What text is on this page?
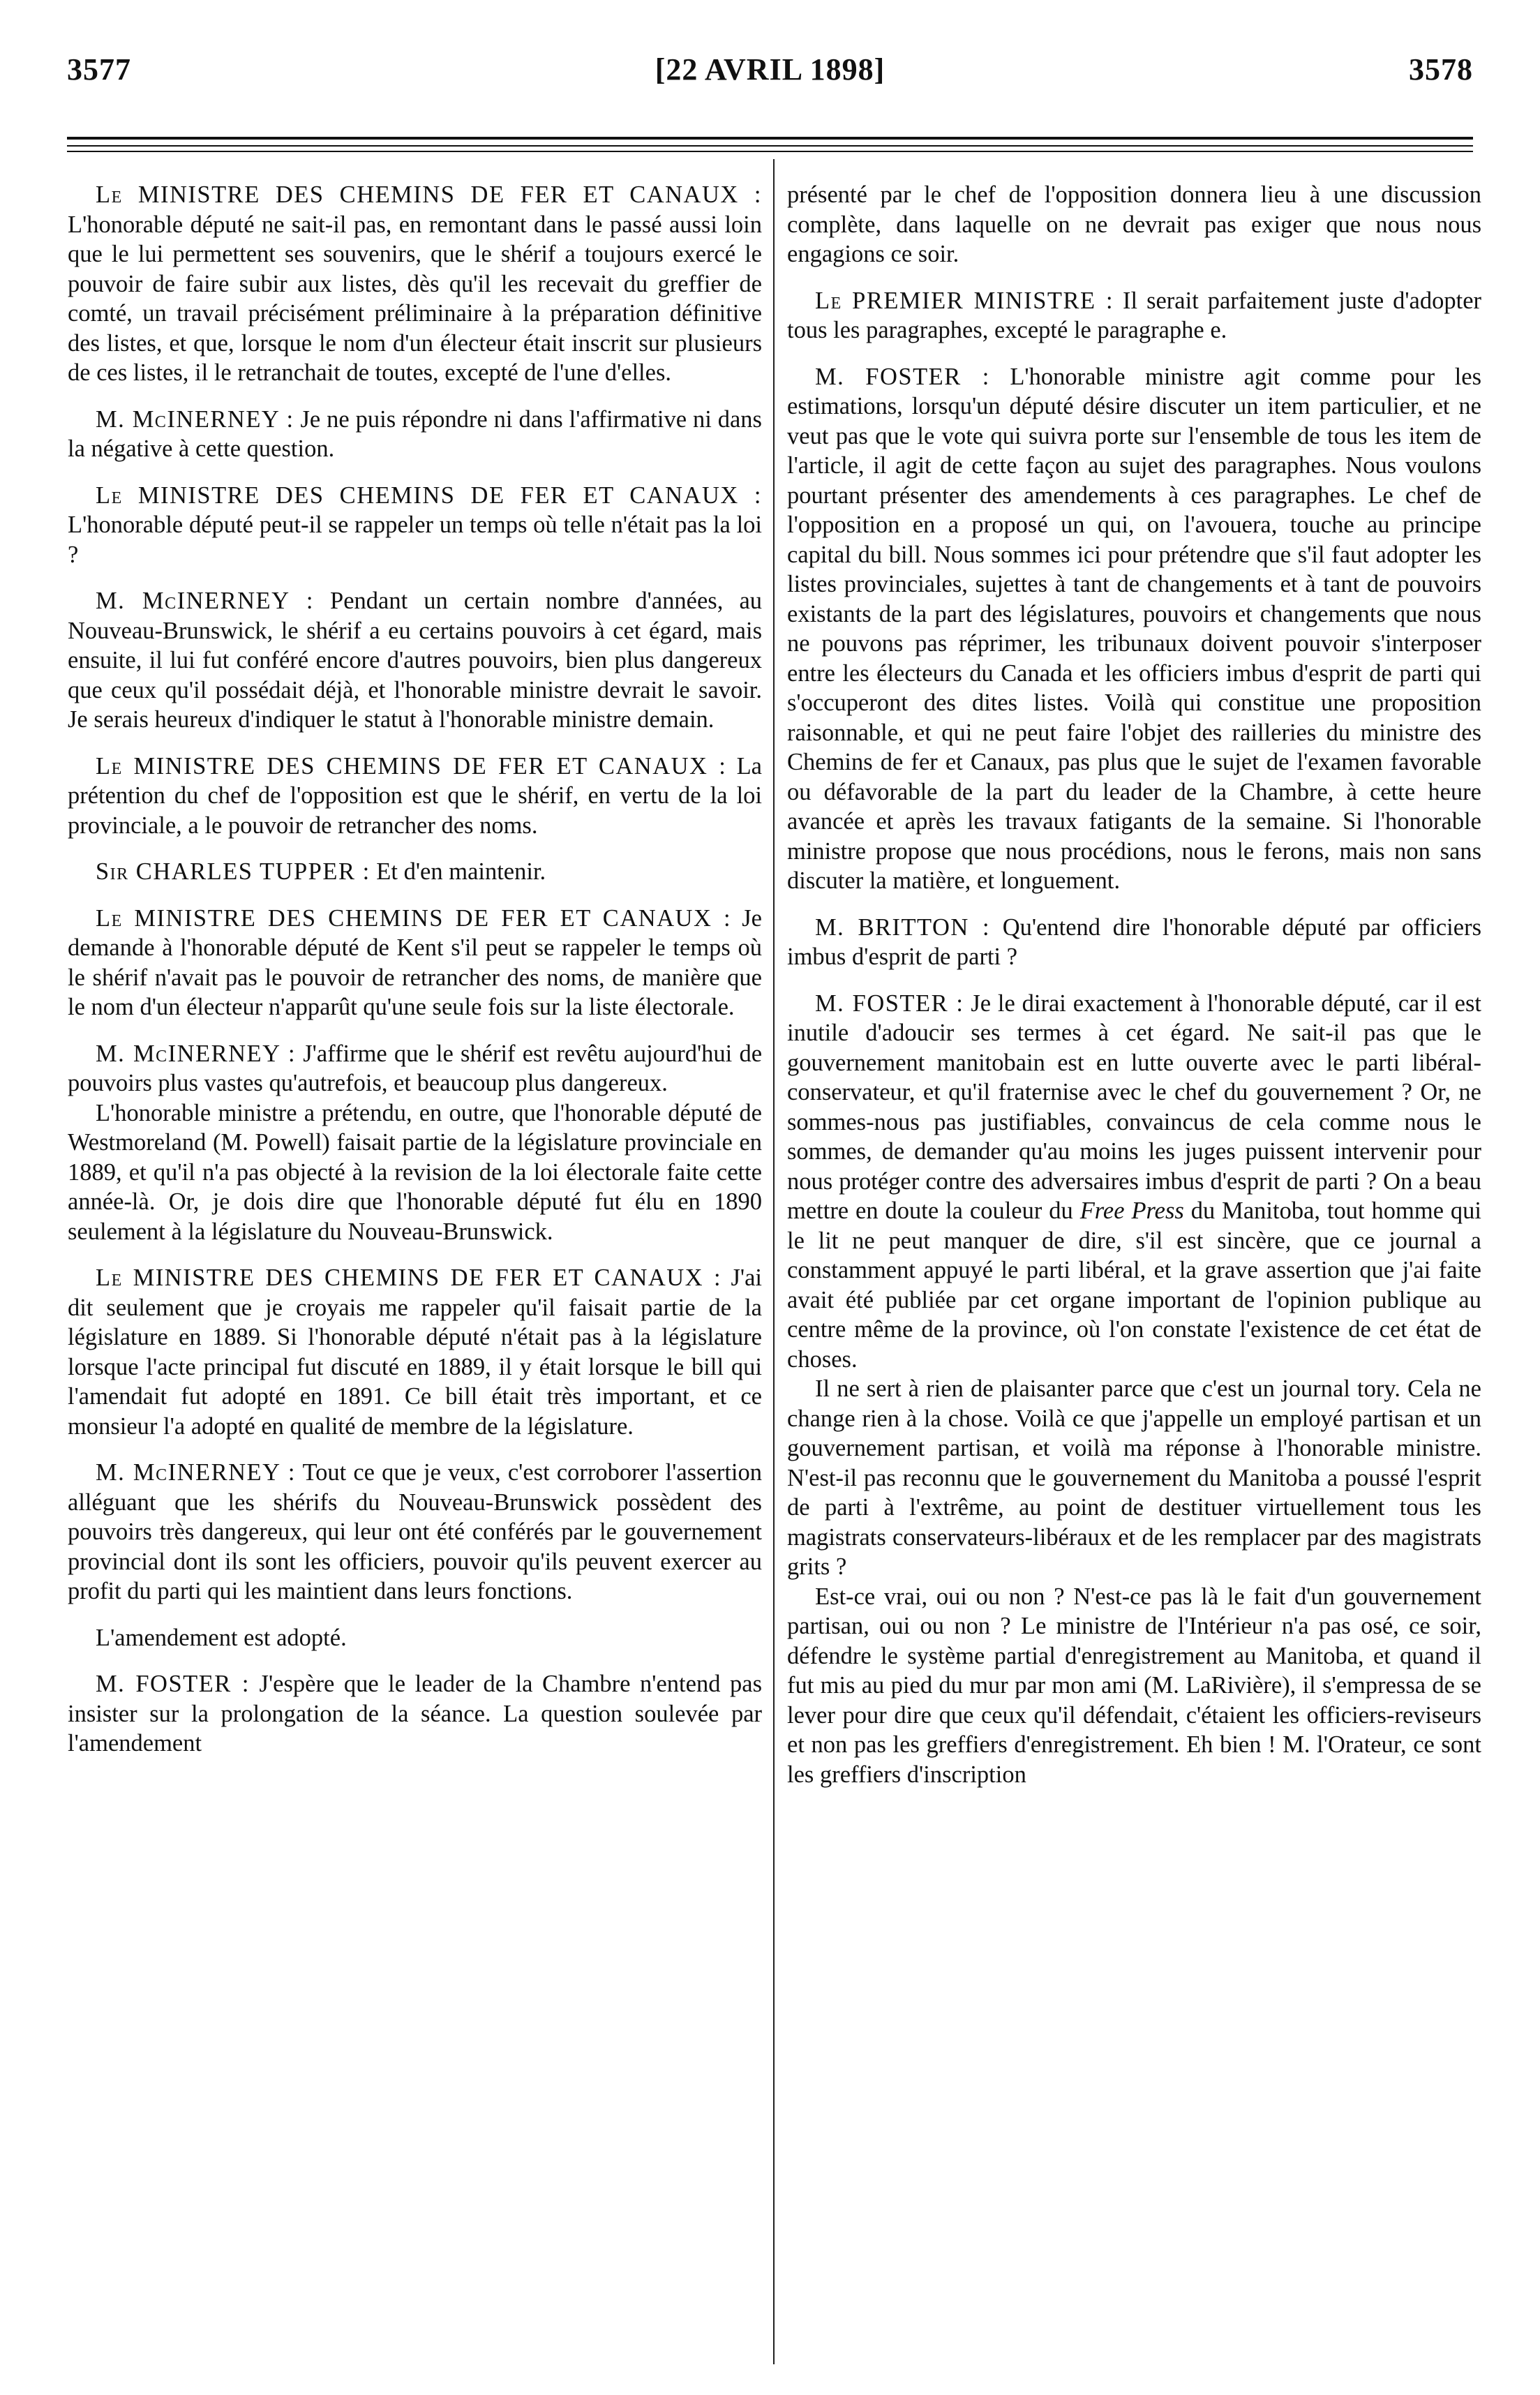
3577	[22 AVRIL 1898]	3578

Le MINISTRE DES CHEMINS DE FER ET CANAUX : L'honorable député ne sait-il pas, en remontant dans le passé aussi loin que le lui permettent ses souvenirs, que le shérif a toujours exercé le pouvoir de faire subir aux listes, dès qu'il les recevait du greffier de comté, un travail précisément préliminaire à la préparation définitive des listes, et que, lorsque le nom d'un électeur était inscrit sur plusieurs de ces listes, il le retranchait de toutes, excepté de l'une d'elles.

M. McINERNEY : Je ne puis répondre ni dans l'affirmative ni dans la négative à cette question.

Le MINISTRE DES CHEMINS DE FER ET CANAUX : L'honorable député peut-il se rappeler un temps où telle n'était pas la loi ?

M. McINERNEY : Pendant un certain nombre d'années, au Nouveau-Brunswick, le shérif a eu certains pouvoirs à cet égard, mais ensuite, il lui fut conféré encore d'autres pouvoirs, bien plus dangereux que ceux qu'il possédait déjà, et l'honorable ministre devrait le savoir. Je serais heureux d'indiquer le statut à l'honorable ministre demain.

Le MINISTRE DES CHEMINS DE FER ET CANAUX : La prétention du chef de l'opposition est que le shérif, en vertu de la loi provinciale, a le pouvoir de retrancher des noms.

Sir CHARLES TUPPER : Et d'en maintenir.

Le MINISTRE DES CHEMINS DE FER ET CANAUX : Je demande à l'honorable député de Kent s'il peut se rappeler le temps où le shérif n'avait pas le pouvoir de retrancher des noms, de manière que le nom d'un électeur n'apparût qu'une seule fois sur la liste électorale.

M. McINERNEY : J'affirme que le shérif est revêtu aujourd'hui de pouvoirs plus vastes qu'autrefois, et beaucoup plus dangereux.

L'honorable ministre a prétendu, en outre, que l'honorable député de Westmoreland (M. Powell) faisait partie de la législature provinciale en 1889, et qu'il n'a pas objecté à la revision de la loi électorale faite cette année-là. Or, je dois dire que l'honorable député fut élu en 1890 seulement à la législature du Nouveau-Brunswick.

Le MINISTRE DES CHEMINS DE FER ET CANAUX : J'ai dit seulement que je croyais me rappeler qu'il faisait partie de la législature en 1889. Si l'honorable député n'était pas à la législature lorsque l'acte principal fut discuté en 1889, il y était lorsque le bill qui l'amendait fut adopté en 1891. Ce bill était très important, et ce monsieur l'a adopté en qualité de membre de la législature.

M. McINERNEY : Tout ce que je veux, c'est corroborer l'assertion alléguant que les shérifs du Nouveau-Brunswick possèdent des pouvoirs très dangereux, qui leur ont été conférés par le gouvernement provincial dont ils sont les officiers, pouvoir qu'ils peuvent exercer au profit du parti qui les maintient dans leurs fonctions.

L'amendement est adopté.

M. FOSTER : J'espère que le leader de la Chambre n'entend pas insister sur la prolongation de la séance. La question soulevée par l'amendement

présenté par le chef de l'opposition donnera lieu à une discussion complète, dans laquelle on ne devrait pas exiger que nous nous engagions ce soir.

Le PREMIER MINISTRE : Il serait parfaitement juste d'adopter tous les paragraphes, excepté le paragraphe e.

M. FOSTER : L'honorable ministre agit comme pour les estimations, lorsqu'un député désire discuter un item particulier, et ne veut pas que le vote qui suivra porte sur l'ensemble de tous les item de l'article, il agit de cette façon au sujet des paragraphes. Nous voulons pourtant présenter des amendements à ces paragraphes. Le chef de l'opposition en a proposé un qui, on l'avouera, touche au principe capital du bill. Nous sommes ici pour prétendre que s'il faut adopter les listes provinciales, sujettes à tant de changements et à tant de pouvoirs existants de la part des législatures, pouvoirs et changements que nous ne pouvons pas réprimer, les tribunaux doivent pouvoir s'interposer entre les électeurs du Canada et les officiers imbus d'esprit de parti qui s'occuperont des dites listes. Voilà qui constitue une proposition raisonnable, et qui ne peut faire l'objet des railleries du ministre des Chemins de fer et Canaux, pas plus que le sujet de l'examen favorable ou défavorable de la part du leader de la Chambre, à cette heure avancée et après les travaux fatigants de la semaine. Si l'honorable ministre propose que nous procédions, nous le ferons, mais non sans discuter la matière, et longuement.

M. BRITTON : Qu'entend dire l'honorable député par officiers imbus d'esprit de parti ?

M. FOSTER : Je le dirai exactement à l'honorable député, car il est inutile d'adoucir ses termes à cet égard. Ne sait-il pas que le gouvernement manitobain est en lutte ouverte avec le parti libéral-conservateur, et qu'il fraternise avec le chef du gouvernement ? Or, ne sommes-nous pas justifiables, convaincus de cela comme nous le sommes, de demander qu'au moins les juges puissent intervenir pour nous protéger contre des adversaires imbus d'esprit de parti ? On a beau mettre en doute la couleur du Free Press du Manitoba, tout homme qui le lit ne peut manquer de dire, s'il est sincère, que ce journal a constamment appuyé le parti libéral, et la grave assertion que j'ai faite avait été publiée par cet organe important de l'opinion publique au centre même de la province, où l'on constate l'existence de cet état de choses.

Il ne sert à rien de plaisanter parce que c'est un journal tory. Cela ne change rien à la chose. Voilà ce que j'appelle un employé partisan et un gouvernement partisan, et voilà ma réponse à l'honorable ministre. N'est-il pas reconnu que le gouvernement du Manitoba a poussé l'esprit de parti à l'extrême, au point de destituer virtuellement tous les magistrats conservateurs-libéraux et de les remplacer par des magistrats grits ?

Est-ce vrai, oui ou non ? N'est-ce pas là le fait d'un gouvernement partisan, oui ou non ? Le ministre de l'Intérieur n'a pas osé, ce soir, défendre le système partial d'enregistrement au Manitoba, et quand il fut mis au pied du mur par mon ami (M. LaRivière), il s'empressa de se lever pour dire que ceux qu'il défendait, c'étaient les officiers-reviseurs et non pas les greffiers d'enregistrement. Eh bien ! M. l'Orateur, ce sont les greffiers d'inscription
